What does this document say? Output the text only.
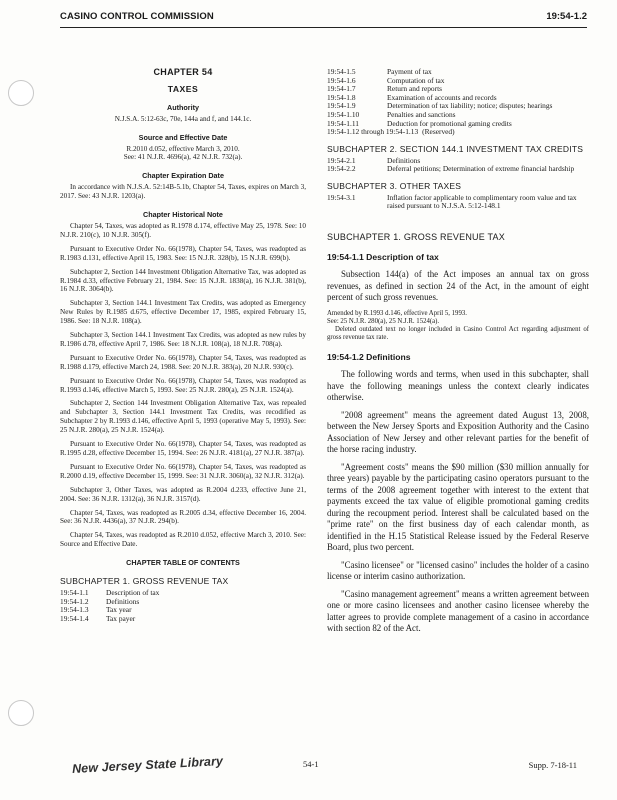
CASINO CONTROL COMMISSION	19:54-1.2
CHAPTER 54
TAXES
Authority
N.J.S.A. 5:12-63c, 70e, 144a and f, and 144.1c.
Source and Effective Date
R.2010 d.052, effective March 3, 2010.
See: 41 N.J.R. 4696(a), 42 N.J.R. 732(a).
Chapter Expiration Date
In accordance with N.J.S.A. 52:14B-5.1b, Chapter 54, Taxes, expires on March 3, 2017. See: 43 N.J.R. 1203(a).
Chapter Historical Note
Chapter 54, Taxes, was adopted as R.1978 d.174, effective May 25, 1978. See: 10 N.J.R. 210(c), 10 N.J.R. 305(f).
Pursuant to Executive Order No. 66(1978), Chapter 54, Taxes, was readopted as R.1983 d.131, effective April 15, 1983. See: 15 N.J.R. 328(b), 15 N.J.R. 699(b).
Subchapter 2, Section 144 Investment Obligation Alternative Tax, was adopted as R.1984 d.33, effective February 21, 1984. See: 15 N.J.R. 1838(a), 16 N.J.R. 381(b), 16 N.J.R. 3064(b).
Subchapter 3, Section 144.1 Investment Tax Credits, was adopted as Emergency New Rules by R.1985 d.675, effective December 17, 1985, expired February 15, 1986. See: 18 N.J.R. 108(a).
Subchapter 3, Section 144.1 Investment Tax Credits, was adopted as new rules by R.1986 d.78, effective April 7, 1986. See: 18 N.J.R. 108(a), 18 N.J.R. 708(a).
Pursuant to Executive Order No. 66(1978), Chapter 54, Taxes, was readopted as R.1988 d.179, effective March 24, 1988. See: 20 N.J.R. 383(a), 20 N.J.R. 930(c).
Pursuant to Executive Order No. 66(1978), Chapter 54, Taxes, was readopted as R.1993 d.146, effective March 5, 1993. See: 25 N.J.R. 280(a), 25 N.J.R. 1524(a).
Subchapter 2, Section 144 Investment Obligation Alternative Tax, was repealed and Subchapter 3, Section 144.1 Investment Tax Credits, was recodified as Subchapter 2 by R.1993 d.146, effective April 5, 1993 (operative May 5, 1993). See: 25 N.J.R. 280(a), 25 N.J.R. 1524(a).
Pursuant to Executive Order No. 66(1978), Chapter 54, Taxes, was readopted as R.1995 d.28, effective December 15, 1994. See: 26 N.J.R. 4181(a), 27 N.J.R. 387(a).
Pursuant to Executive Order No. 66(1978), Chapter 54, Taxes, was readopted as R.2000 d.19, effective December 15, 1999. See: 31 N.J.R. 3060(a), 32 N.J.R. 312(a).
Subchapter 3, Other Taxes, was adopted as R.2004 d.233, effective June 21, 2004. See: 36 N.J.R. 1312(a), 36 N.J.R. 3157(d).
Chapter 54, Taxes, was readopted as R.2005 d.34, effective December 16, 2004. See: 36 N.J.R. 4436(a), 37 N.J.R. 294(b).
Chapter 54, Taxes, was readopted as R.2010 d.052, effective March 3, 2010. See: Source and Effective Date.
CHAPTER TABLE OF CONTENTS
SUBCHAPTER 1. GROSS REVENUE TAX
19:54-1.1	Description of tax
19:54-1.2	Definitions
19:54-1.3	Tax year
19:54-1.4	Tax payer
19:54-1.5	Payment of tax
19:54-1.6	Computation of tax
19:54-1.7	Return and reports
19:54-1.8	Examination of accounts and records
19:54-1.9	Determination of tax liability; notice; disputes; hearings
19:54-1.10	Penalties and sanctions
19:54-1.11	Deduction for promotional gaming credits
19:54-1.12 through 19:54-1.13 (Reserved)	
SUBCHAPTER 2. SECTION 144.1 INVESTMENT TAX CREDITS
19:54-2.1	Definitions
19:54-2.2	Deferral petitions; Determination of extreme financial hardship
SUBCHAPTER 3. OTHER TAXES
19:54-3.1	Inflation factor applicable to complimentary room value and tax raised pursuant to N.J.S.A. 5:12-148.1
SUBCHAPTER 1. GROSS REVENUE TAX
19:54-1.1 Description of tax
Subsection 144(a) of the Act imposes an annual tax on gross revenues, as defined in section 24 of the Act, in the amount of eight percent of such gross revenues.
Amended by R.1993 d.146, effective April 5, 1993.
See: 25 N.J.R. 280(a), 25 N.J.R. 1524(a).
Deleted outdated text no longer included in Casino Control Act regarding adjustment of gross revenue tax rate.
19:54-1.2 Definitions
The following words and terms, when used in this subchapter, shall have the following meanings unless the context clearly indicates otherwise.
"2008 agreement" means the agreement dated August 13, 2008, between the New Jersey Sports and Exposition Authority and the Casino Association of New Jersey and other relevant parties for the benefit of the horse racing industry.
"Agreement costs" means the $90 million ($30 million annually for three years) payable by the participating casino operators pursuant to the terms of the 2008 agreement together with interest to the extent that payments exceed the tax value of eligible promotional gaming credits during the recoupment period. Interest shall be calculated based on the "prime rate" on the first business day of each calendar month, as identified in the H.15 Statistical Release issued by the Federal Reserve Board, plus two percent.
"Casino licensee" or "licensed casino" includes the holder of a casino license or interim casino authorization.
"Casino management agreement" means a written agreement between one or more casino licensees and another casino licensee whereby the latter agrees to provide complete management of a casino in accordance with section 82 of the Act.
New Jersey State Library	54-1	Supp. 7-18-11
